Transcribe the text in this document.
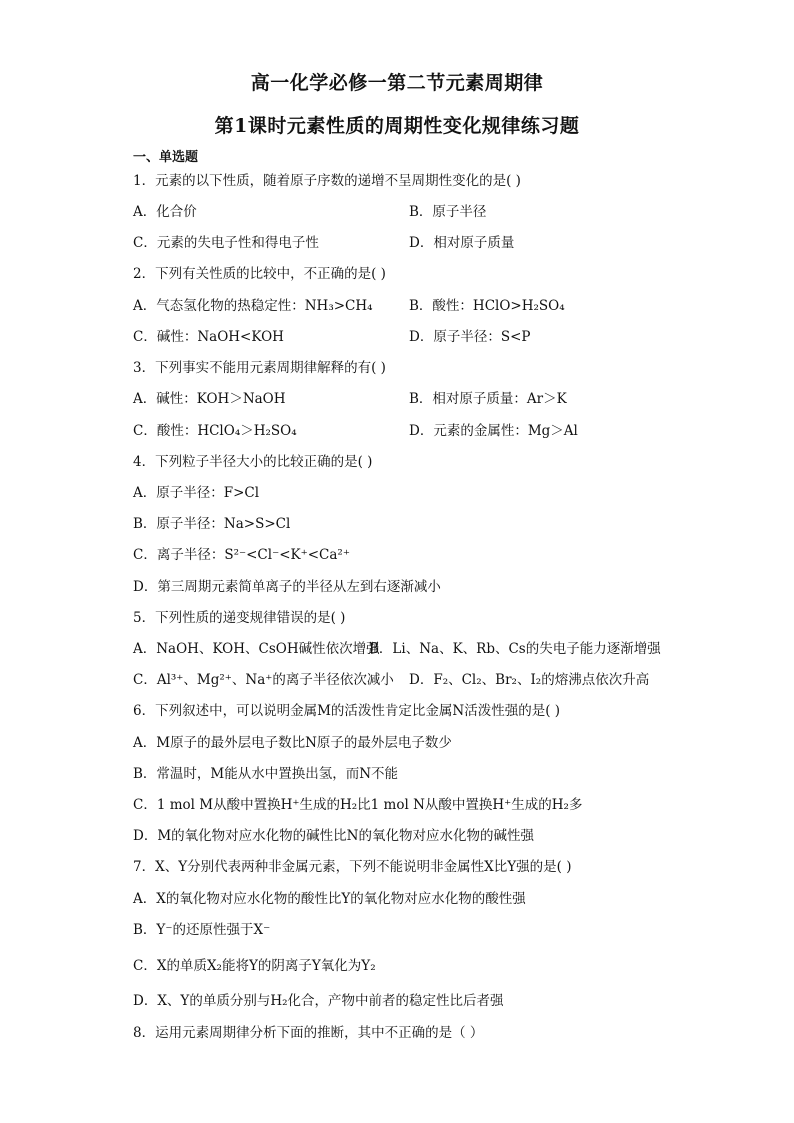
高一化学必修一第二节元素周期律
第1课时元素性质的周期性变化规律练习题
一、单选题
1．元素的以下性质，随着原子序数的递增不呈周期性变化的是( )
A．化合价	B．原子半径
C．元素的失电子性和得电子性	D．相对原子质量
2．下列有关性质的比较中，不正确的是( )
A．气态氢化物的热稳定性：NH₃>CH₄	B．酸性：HClO>H₂SO₄
C．碱性：NaOH<KOH	D．原子半径：S<P
3．下列事实不能用元素周期律解释的有( )
A．碱性：KOH＞NaOH	B．相对原子质量：Ar＞K
C．酸性：HClO₄＞H₂SO₄	D．元素的金属性：Mg＞Al
4．下列粒子半径大小的比较正确的是( )
A．原子半径：F>Cl
B．原子半径：Na>S>Cl
C．离子半径：S²⁻<Cl⁻<K⁺<Ca²⁺
D．第三周期元素简单离子的半径从左到右逐渐减小
5．下列性质的递变规律错误的是( )
A．NaOH、KOH、CsOH碱性依次增强
B．Li、Na、K、Rb、Cs的失电子能力逐渐增强
C．Al³⁺、Mg²⁺、Na⁺的离子半径依次减小 D．F₂、Cl₂、Br₂、I₂的熔沸点依次升高
6．下列叙述中，可以说明金属M的活泼性肯定比金属N活泼性强的是( )
A．M原子的最外层电子数比N原子的最外层电子数少
B．常温时，M能从水中置换出氢，而N不能
C．1 mol M从酸中置换H⁺生成的H₂比1 mol N从酸中置换H⁺生成的H₂多
D．M的氧化物对应水化物的碱性比N的氧化物对应水化物的碱性强
7．X、Y分别代表两种非金属元素，下列不能说明非金属性X比Y强的是( )
A．X的氧化物对应水化物的酸性比Y的氧化物对应水化物的酸性强
B．Y⁻的还原性强于X⁻
C．X的单质X₂能将Y的阴离子Y氧化为Y₂
D．X、Y的单质分别与H₂化合，产物中前者的稳定性比后者强
8．运用元素周期律分析下面的推断，其中不正确的是（ ）
